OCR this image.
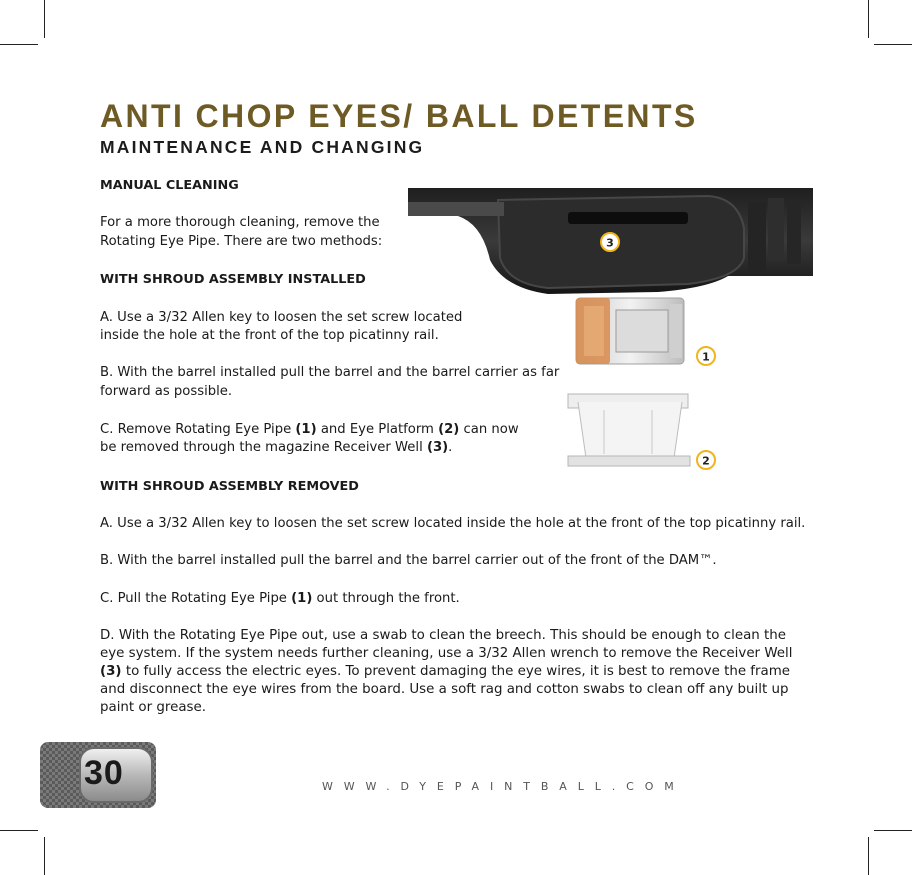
ANTI CHOP EYES/ BALL DETENTS
MAINTENANCE AND CHANGING
MANUAL CLEANING
For a more thorough cleaning, remove the
Rotating Eye Pipe. There are two methods:
WITH SHROUD ASSEMBLY INSTALLED
A. Use a 3/32 Allen key to loosen the set screw located
inside the hole at the front of the top picatinny rail.
B. With the barrel installed pull the barrel and the barrel carrier as far
forward as possible.
C. Remove Rotating Eye Pipe (1) and Eye Platform (2) can now
be removed through the magazine Receiver Well (3).
WITH SHROUD ASSEMBLY REMOVED
A. Use a 3/32 Allen key to loosen the set screw located inside the hole at the front of the top picatinny rail.
B. With the barrel installed pull the barrel and the barrel carrier out of the front of the DAM™.
C. Pull the Rotating Eye Pipe (1) out through the front.
D. With the Rotating Eye Pipe out, use a swab to clean the breech. This should be enough to clean the eye system. If the system needs further cleaning, use a 3/32 Allen wrench to remove the Receiver Well (3) to fully access the electric eyes. To prevent damaging the eye wires, it is best to remove the frame and disconnect the eye wires from the board. Use a soft rag and cotton swabs to clean off any built up paint or grease.
3
1
2
30	WWW.DYEPAINTBALL.COM
